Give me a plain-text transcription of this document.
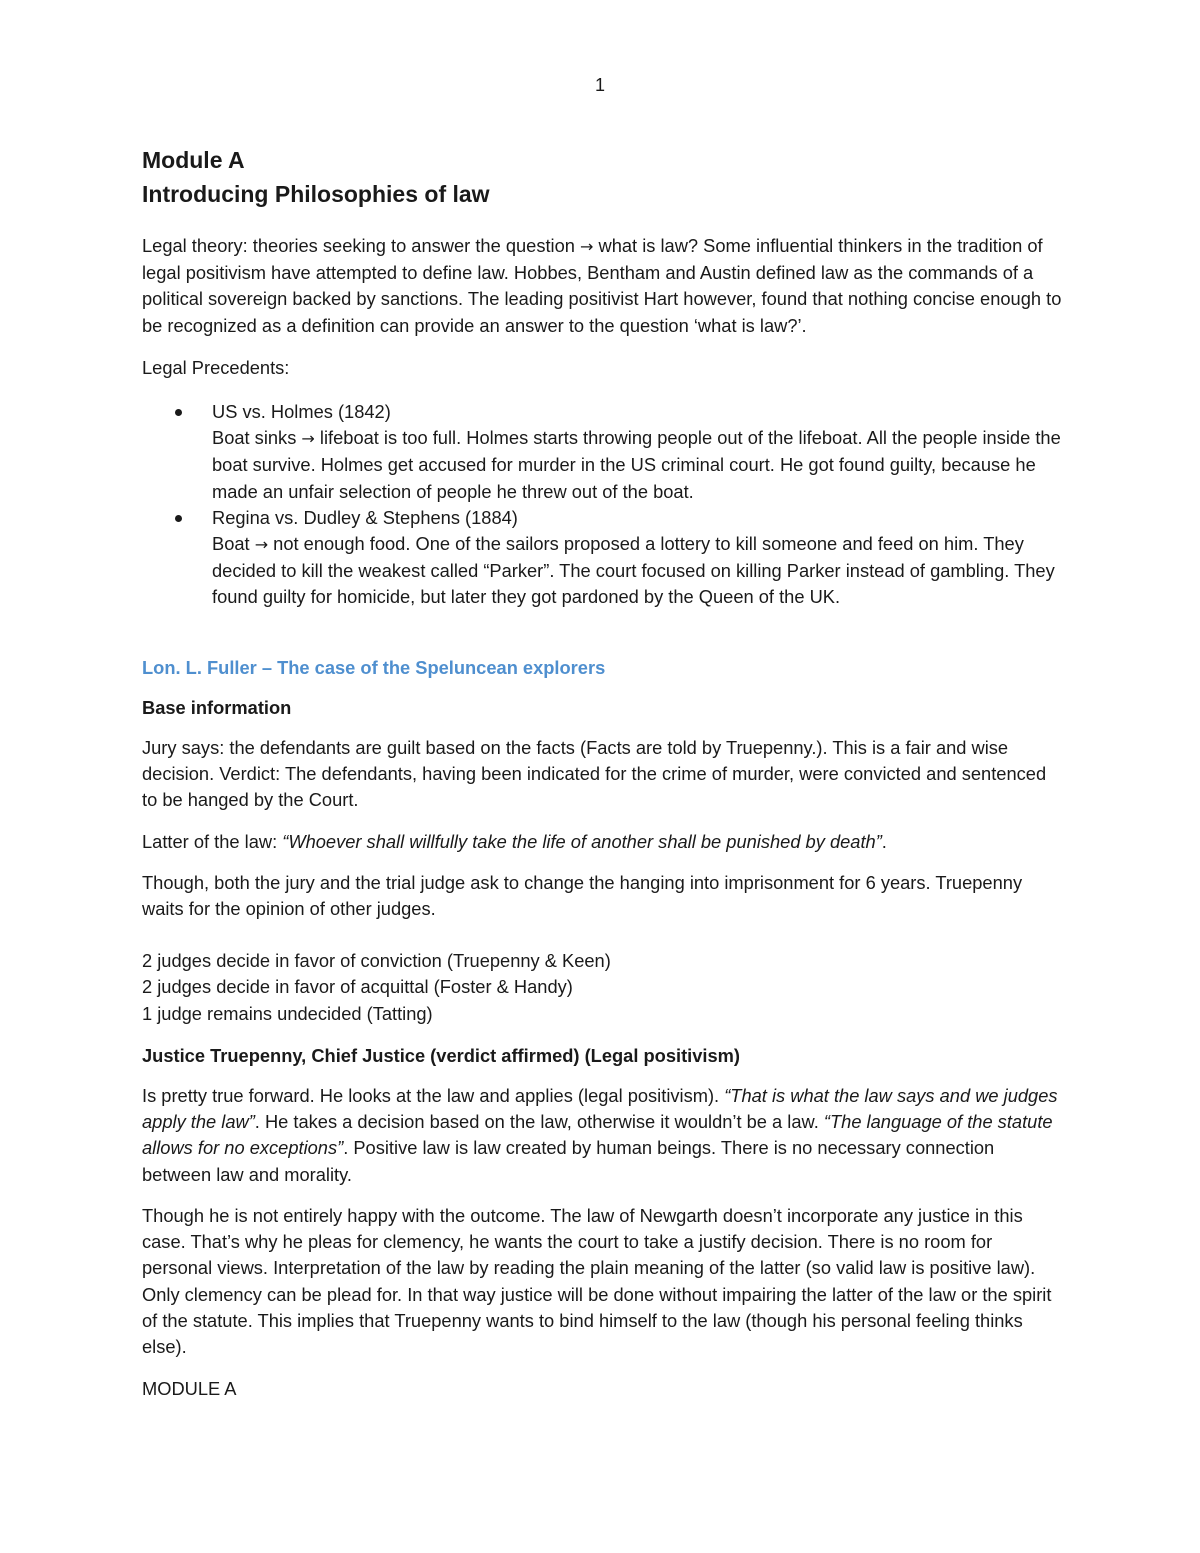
1
Module A
Introducing Philosophies of law

Legal theory: theories seeking to answer the question → what is law? Some influential thinkers in the tradition of legal positivism have attempted to define law. Hobbes, Bentham and Austin defined law as the commands of a political sovereign backed by sanctions. The leading positivist Hart however, found that nothing concise enough to be recognized as a definition can provide an answer to the question ‘what is law?’.

Legal Precedents:

US vs. Holmes (1842)
Boat sinks → lifeboat is too full. Holmes starts throwing people out of the lifeboat. All the people inside the boat survive. Holmes get accused for murder in the US criminal court. He got found guilty, because he made an unfair selection of people he threw out of the boat.
Regina vs. Dudley & Stephens (1884)
Boat → not enough food. One of the sailors proposed a lottery to kill someone and feed on him. They decided to kill the weakest called “Parker”. The court focused on killing Parker instead of gambling. They found guilty for homicide, but later they got pardoned by the Queen of the UK.
Lon. L. Fuller – The case of the Speluncean explorers
Base information

Jury says: the defendants are guilt based on the facts (Facts are told by Truepenny.). This is a fair and wise decision. Verdict: The defendants, having been indicated for the crime of murder, were convicted and sentenced to be hanged by the Court.

Latter of the law: “Whoever shall willfully take the life of another shall be punished by death”.

Though, both the jury and the trial judge ask to change the hanging into imprisonment for 6 years. Truepenny waits for the opinion of other judges.

2 judges decide in favor of conviction (Truepenny & Keen)
2 judges decide in favor of acquittal (Foster & Handy)
1 judge remains undecided (Tatting)
Justice Truepenny, Chief Justice (verdict affirmed) (Legal positivism)

Is pretty true forward. He looks at the law and applies (legal positivism). “That is what the law says and we judges apply the law”. He takes a decision based on the law, otherwise it wouldn’t be a law. “The language of the statute allows for no exceptions”. Positive law is law created by human beings. There is no necessary connection between law and morality.

Though he is not entirely happy with the outcome. The law of Newgarth doesn’t incorporate any justice in this case. That’s why he pleas for clemency, he wants the court to take a justify decision. There is no room for personal views. Interpretation of the law by reading the plain meaning of the latter (so valid law is positive law). Only clemency can be plead for. In that way justice will be done without impairing the latter of the law or the spirit of the statute. This implies that Truepenny wants to bind himself to the law (though his personal feeling thinks else).

MODULE A
